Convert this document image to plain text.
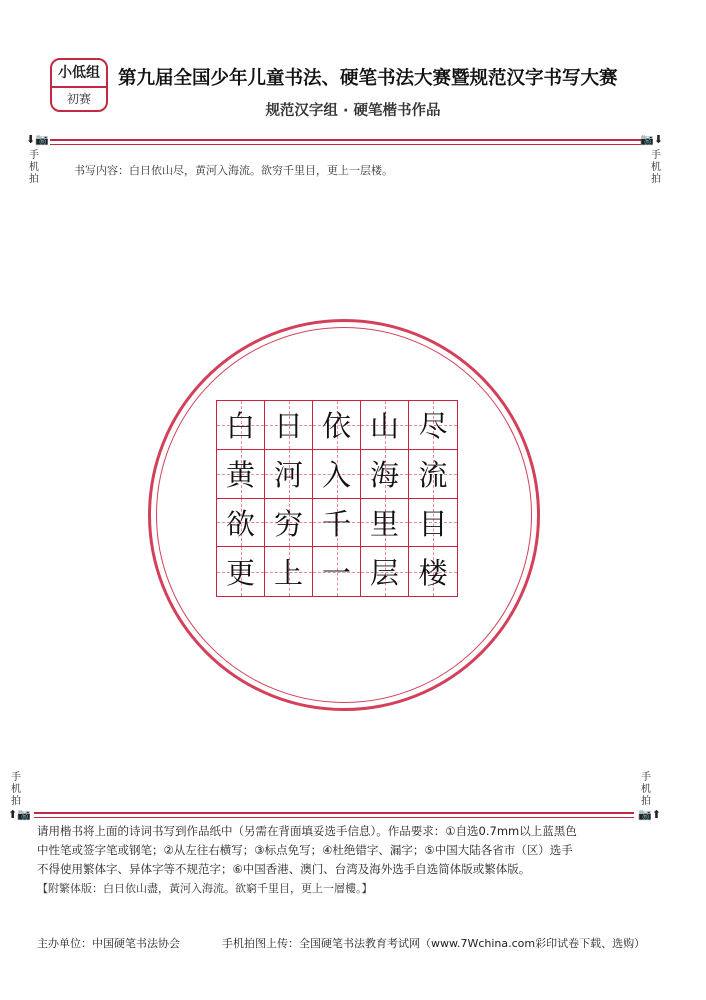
小低组
初赛
第九届全国少年儿童书法、硬笔书法大赛暨规范汉字书写大赛
规范汉字组 · 硬笔楷书作品
⬇📷
手
机
拍
📷⬇
手
机
拍
书写内容：白日依山尽，黄河入海流。欲穷千里目，更上一层楼。
白 日 依 山 尽
黄 河 入 海 流
欲 穷 千 里 目
更 上 一 层 楼
手
机
拍
⬆📷
手
机
拍
📷⬆
请用楷书将上面的诗词书写到作品纸中（另需在背面填妥选手信息）。作品要求：①自选0.7mm以上蓝黑色
中性笔或签字笔或钢笔；②从左往右横写；③标点免写；④杜绝错字、漏字；⑤中国大陆各省市（区）选手
不得使用繁体字、异体字等不规范字；⑥中国香港、澳门、台湾及海外选手自选简体版或繁体版。
【附繁体版：白日依山盡，黃河入海流。欲窮千里目，更上一層樓。】
主办单位：中国硬笔书法协会	手机拍图上传：全国硬笔书法教育考试网（www.7Wchina.com彩印试卷下载、选购）
